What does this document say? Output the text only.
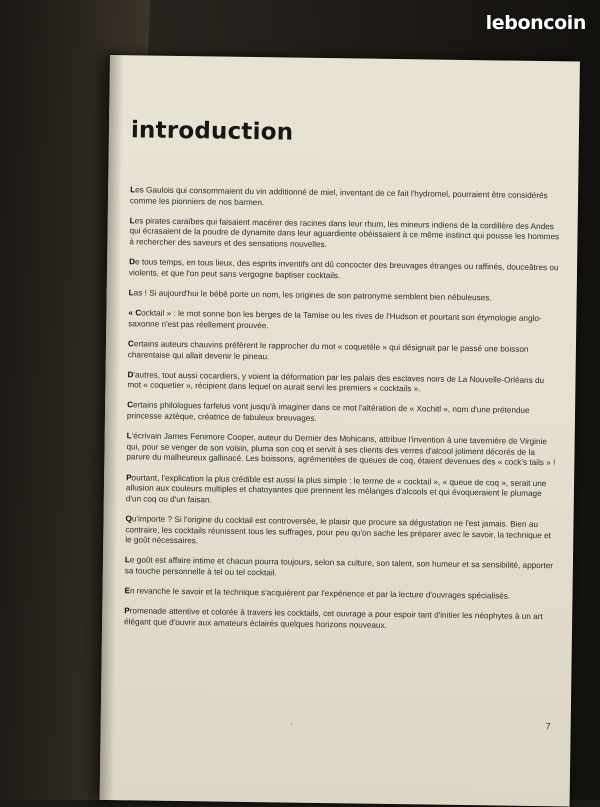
introduction

Les Gaulois qui consommaient du vin additionné de miel, inventant de ce fait l'hydromel, pourraient être considérés comme les pionniers de nos barmen.

Les pirates caraïbes qui faisaient macérer des racines dans leur rhum, les mineurs indiens de la cordillère des Andes qui écrasaient de la poudre de dynamite dans leur aguardiente obéissaient à ce même instinct qui pousse les hommes à rechercher des saveurs et des sensations nouvelles.

De tous temps, en tous lieux, des esprits inventifs ont dû concocter des breuvages étranges ou raffinés, douceâtres ou violents, et que l'on peut sans vergogne baptiser cocktails.

Las ! Si aujourd'hui le bébé porte un nom, les origines de son patronyme semblent bien nébuleuses.

« Cocktail » : le mot sonne bon les berges de la Tamise ou les rives de l'Hudson et pourtant son étymologie anglo-saxonne n'est pas réellement prouvée.

Certains auteurs chauvins préfèrent le rapprocher du mot « coquetèle » qui désignait par le passé une boisson charentaise qui allait devenir le pineau.

D'autres, tout aussi cocardiers, y voient la déformation par les palais des esclaves noirs de La Nouvelle-Orléans du mot « coquetier », récipient dans lequel on aurait servi les premiers « cocktails ».

Certains philologues farfelus vont jusqu'à imaginer dans ce mot l'altération de « Xochitl », nom d'une prétendue princesse aztèque, créatrice de fabuleux breuvages.

L'écrivain James Fenimore Cooper, auteur du Dernier des Mohicans, attribue l'invention à une tavernière de Virginie qui, pour se venger de son voisin, pluma son coq et servit à ses clients des verres d'alcool joliment décorés de la parure du malheureux gallinacé. Les boissons, agrémentées de queues de coq, étaient devenues des « cock's tails » !

Pourtant, l'explication la plus crédible est aussi la plus simple : le terme de « cocktail », « queue de coq », serait une allusion aux couleurs multiples et chatoyantes que prennent les mélanges d'alcools et qui évoqueraient le plumage d'un coq ou d'un faisan.

Qu'importe ? Si l'origine du cocktail est controversée, le plaisir que procure sa dégustation ne l'est jamais. Bien au contraire, les cocktails réunissent tous les suffrages, pour peu qu'on sache les préparer avec le savoir, la technique et le goût nécessaires.

Le goût est affaire intime et chacun pourra toujours, selon sa culture, son talent, son humeur et sa sensibilité, apporter sa touche personnelle à tel ou tel cocktail.

En revanche le savoir et la technique s'acquièrent par l'expérience et par la lecture d'ouvrages spécialisés.

Promenade attentive et colorée à travers les cocktails, cet ouvrage a pour espoir tant d'initier les néophytes à un art élégant que d'ouvrir aux amateurs éclairés quelques horizons nouveaux.

’	7
leboncoin
